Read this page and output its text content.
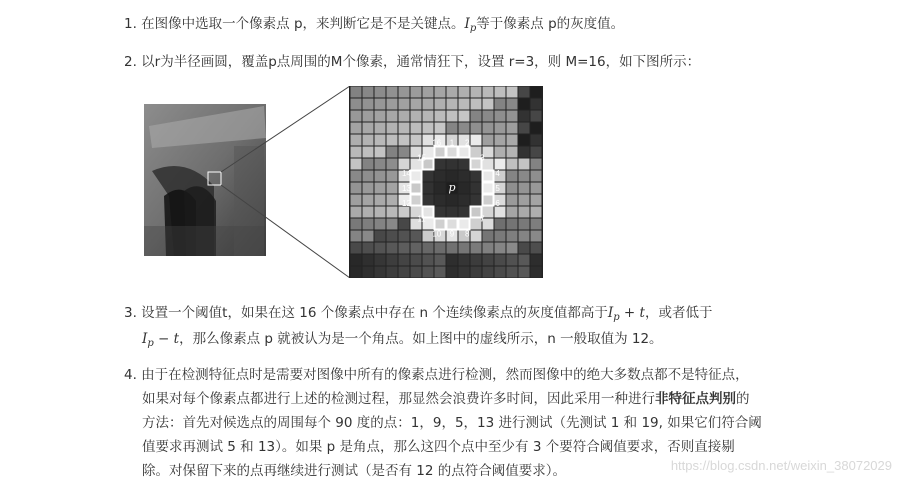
1. 在图像中选取一个像素点 p，来判断它是不是关键点。$I_p$等于像素点 p的灰度值。
2. 以r为半径画圆，覆盖p点周围的M个像素，通常情狂下，设置 r=3，则 M=16，如下图所示：
1 2
3
4
5
6
7
8
9
10
11
12
13
14
15
16
p
3. 设置一个阈值t，如果在这 16 个像素点中存在 n 个连续像素点的灰度值都高于$I_p + t$，或者低于
$I_p - t$，那么像素点 p 就被认为是一个角点。如上图中的虚线所示，n 一般取值为 12。
4. 由于在检测特征点时是需要对图像中所有的像素点进行检测，然而图像中的绝大多数点都不是特征点，
如果对每个像素点都进行上述的检测过程，那显然会浪费许多时间，因此采用一种进行非特征点判别的
方法：首先对候选点的周围每个 90 度的点：1，9，5，13 进行测试（先测试 1 和 19, 如果它们符合阈
值要求再测试 5 和 13）。如果 p 是角点，那么这四个点中至少有 3 个要符合阈值要求，否则直接剔
除。对保留下来的点再继续进行测试（是否有 12 的点符合阈值要求）。	https://blog.csdn.net/weixin_38072029
